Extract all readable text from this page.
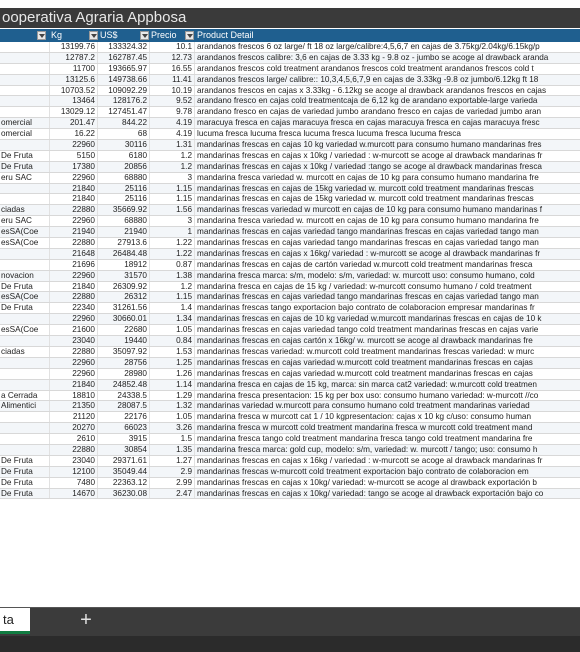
ooperativa Agraria Appbosa
Kg	US$	Precio Product Detail
13199.76	133324.32	10.1 arandanos frescos 6 oz large/ ft 18 oz large/calibre:4,5,6,7 en cajas de 3.75kg/2.04kg/6.15kg/p
12787.2	162787.45	12.73 arandanos frescos calibre: 3,6 en cajas de 3.33 kg - 9.8 oz - jumbo se acoge al drawback aranda
11700	193665.97	16.55 arandanos frescos cold treatment arandanos frescos cold treatment arandanos frescos cold t
13125.6	149738.66	11.41 arandanos frescos large/ calibre:: 10,3,4,5,6,7,9 en cajas de 3.33kg -9.8 oz jumbo/6.12kg ft 18
10703.52	109092.29	10.19 arandanos frescos en cajas x 3.33kg - 6.12kg se acoge al drawback arandanos frescos en cajas
13464	128176.2	9.52 arandano fresco en cajas cold treatmentcaja de 6,12 kg de arandano exportable-large varieda
13029.12	127451.47	9.78 arandano fresco en cajas de variedad jumbo arandano fresco en cajas de variedad jumbo aran
omercial	201.47	844.22	4.19 maracuya fresca en cajas maracuya fresca en cajas maracuya fresca en cajas maracuya fresc
omercial	16.22	68	4.19 lucuma fresca lucuma fresca lucuma fresca lucuma fresca lucuma fresca
22960	30116	1.31 mandarinas frescas en cajas 10 kg variedad w.murcott para consumo humano mandarinas fres
De Fruta	5150	6180	1.2 mandarinas frescas en cajas x 10kg / variedad : w-murcott se acoge al drawback mandarinas fr
De Fruta	17380	20856	1.2 mandarinas frescas en cajas x 10kg / variedad :tango se acoge al drawback mandarinas fresca
eru SAC	22960	68880	3 mandarina fresca variedad w. murcott en cajas de 10 kg para consumo humano mandarina fre
21840	25116	1.15 mandarinas frescas en cajas de 15kg variedad w. murcott cold treatment mandarinas frescas
21840	25116	1.15 mandarinas frescas en cajas de 15kg variedad w. murcott cold treatment mandarinas frescas
ciadas	22880	35669.92	1.56 mandarinas frescas variedad w murcott en cajas de 10 kg para consumo humano mandarinas f
eru SAC	22960	68880	3 mandarina fresca variedad w. murcott en cajas de 10 kg para consumo humano mandarina fre
esSA(Coe	21940	21940	1 mandarinas frescas en cajas variedad tango mandarinas frescas en cajas variedad tango man
esSA(Coe	22880	27913.6	1.22 mandarinas frescas en cajas variedad tango mandarinas frescas en cajas variedad tango man
21648	26484.48	1.22 mandarinas frescas en cajas x 16kg/ variedad : w-murcott se acoge al drawback mandarinas fr
21696	18912	0.87 mandarinas frescas en cajas de cartón variedad w.murcott cold treatment mandarinas fresca
novacion	22960	31570	1.38 mandarina fresca marca: s/m, modelo: s/m, variedad: w. murcott uso: consumo humano, cold
De Fruta	21840	26309.92	1.2 mandarina fresca en cajas de 15 kg / variedad: w-murcott consumo humano / cold treatment
esSA(Coe	22880	26312	1.15 mandarinas frescas en cajas variedad tango mandarinas frescas en cajas variedad tango man
De Fruta	22340	31261.56	1.4 mandarinas frescas tango exportacion bajo contrato de colaboracion empresar mandarinas fr
22960	30660.01	1.34 mandarinas frescas en cajas de 10 kg variedad w.murcott mandarinas frescas en cajas de 10 k
esSA(Coe	21600	22680	1.05 mandarinas frescas en cajas variedad tango cold treatment mandarinas frescas en cajas varie
23040	19440	0.84 mandarinas frescas en cajas cartón x 16kg/ w. murcott se acoge al drawback mandarinas fre
ciadas	22880	35097.92	1.53 mandarinas frescas variedad: w.murcott cold treatment mandarinas frescas variedad: w murc
22960	28756	1.25 mandarinas frescas en cajas variedad w.murcott cold treatment mandarinas frescas en cajas
22960	28980	1.26 mandarinas frescas en cajas variedad w.murcott cold treatment mandarinas frescas en cajas
21840	24852.48	1.14 mandarina fresca en cajas de 15 kg, marca: sin marca cat2 variedad: w.murcott cold treatmen
a Cerrada	18810	24338.5	1.29 mandarina fresca presentacion: 15 kg per box uso: consumo humano variedad: w-murcott //co
Alimentici	21350	28087.5	1.32 mandarinas variedad w.murcott para consumo humano cold treatment mandarinas variedad
21120	22176	1.05 mandarina fresca w murcott cat 1 / 10 kgpresentacion: cajas x 10 kg c/uso: consumo human
20270	66023	3.26 mandarina fresca w murcott cold treatment mandarina fresca w murcott cold treatment mand
2610	3915	1.5 mandarina fresca tango cold treatment mandarina fresca tango cold treatment mandarina fre
22880	30854	1.35 mandarina fresca marca: gold cup, modelo: s/m, variedad: w. murcott / tango; uso: consumo h
De Fruta	23040	29371.61	1.27 mandarinas frescas en cajas x 16kg / variedad : w-murcott se acoge al drawback mandarinas fr
De Fruta	12100	35049.44	2.9 mandarinas frescas w-murcott cold treatment exportacion bajo contrato de colaboracion em
De Fruta	7480	22363.12	2.99 mandarinas frescas en cajas x 10kg/ variedad: w-murcott se acoge al drawback exportación b
De Fruta	14670	36230.08	2.47 mandarinas frescas en cajas x 10kg/ variedad: tango se acoge al drawback exportación bajo co
ta	+
